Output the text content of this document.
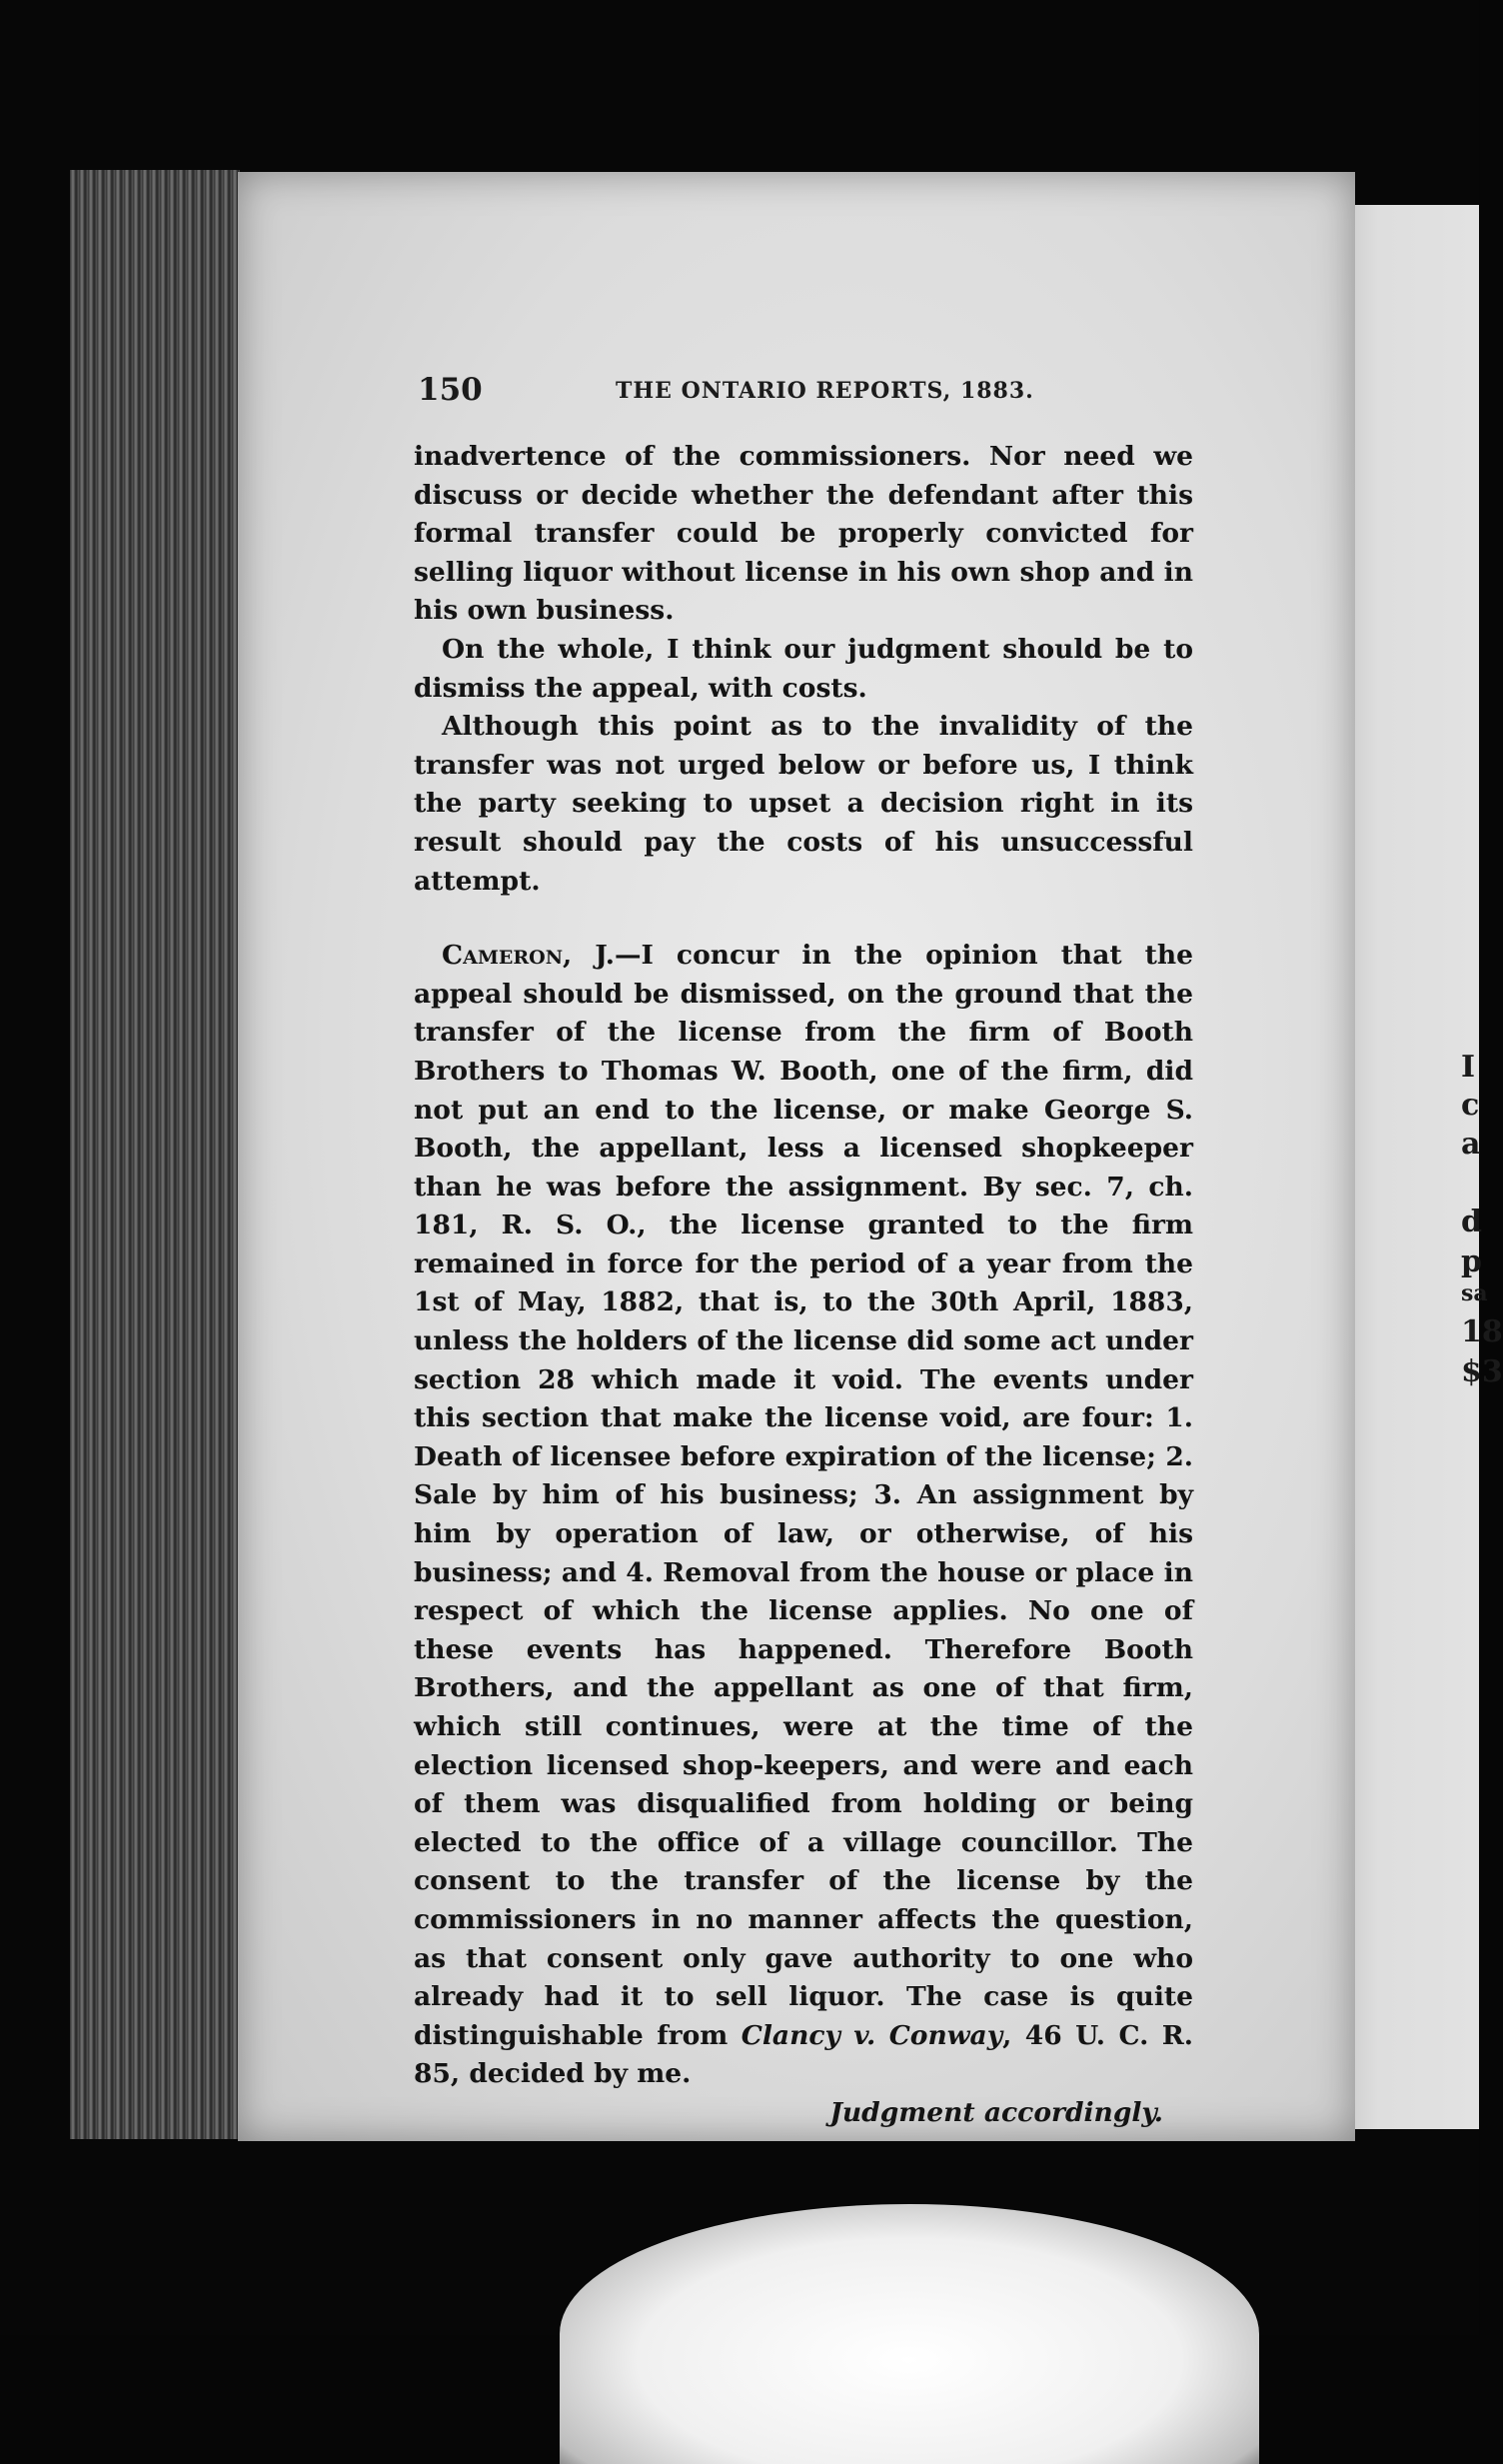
I
c
a
d
p
sa
18
$3
150	THE ONTARIO REPORTS, 1883.

inadvertence of the commissioners. Nor need we discuss or decide whether the defendant after this formal transfer could be properly convicted for selling liquor without license in his own shop and in his own business.

On the whole, I think our judgment should be to dismiss the appeal, with costs.

Although this point as to the invalidity of the transfer was not urged below or before us, I think the party seeking to upset a decision right in its result should pay the costs of his unsuccessful attempt.

Cameron, J.—I concur in the opinion that the appeal should be dismissed, on the ground that the transfer of the license from the firm of Booth Brothers to Thomas W. Booth, one of the firm, did not put an end to the license, or make George S. Booth, the appellant, less a licensed shopkeeper than he was before the assignment. By sec. 7, ch. 181, R. S. O., the license granted to the firm remained in force for the period of a year from the 1st of May, 1882, that is, to the 30th April, 1883, unless the holders of the license did some act under section 28 which made it void. The events under this section that make the license void, are four: 1. Death of licensee before expiration of the license; 2. Sale by him of his business; 3. An assignment by him by operation of law, or otherwise, of his business; and 4. Removal from the house or place in respect of which the license applies. No one of these events has happened. Therefore Booth Brothers, and the appellant as one of that firm, which still continues, were at the time of the election licensed shop-keepers, and were and each of them was disqualified from holding or being elected to the office of a village councillor. The consent to the transfer of the license by the commissioners in no manner affects the question, as that consent only gave authority to one who already had it to sell liquor. The case is quite distinguishable from Clancy v. Conway, 46 U. C. R. 85, decided by me.

Judgment accordingly.
